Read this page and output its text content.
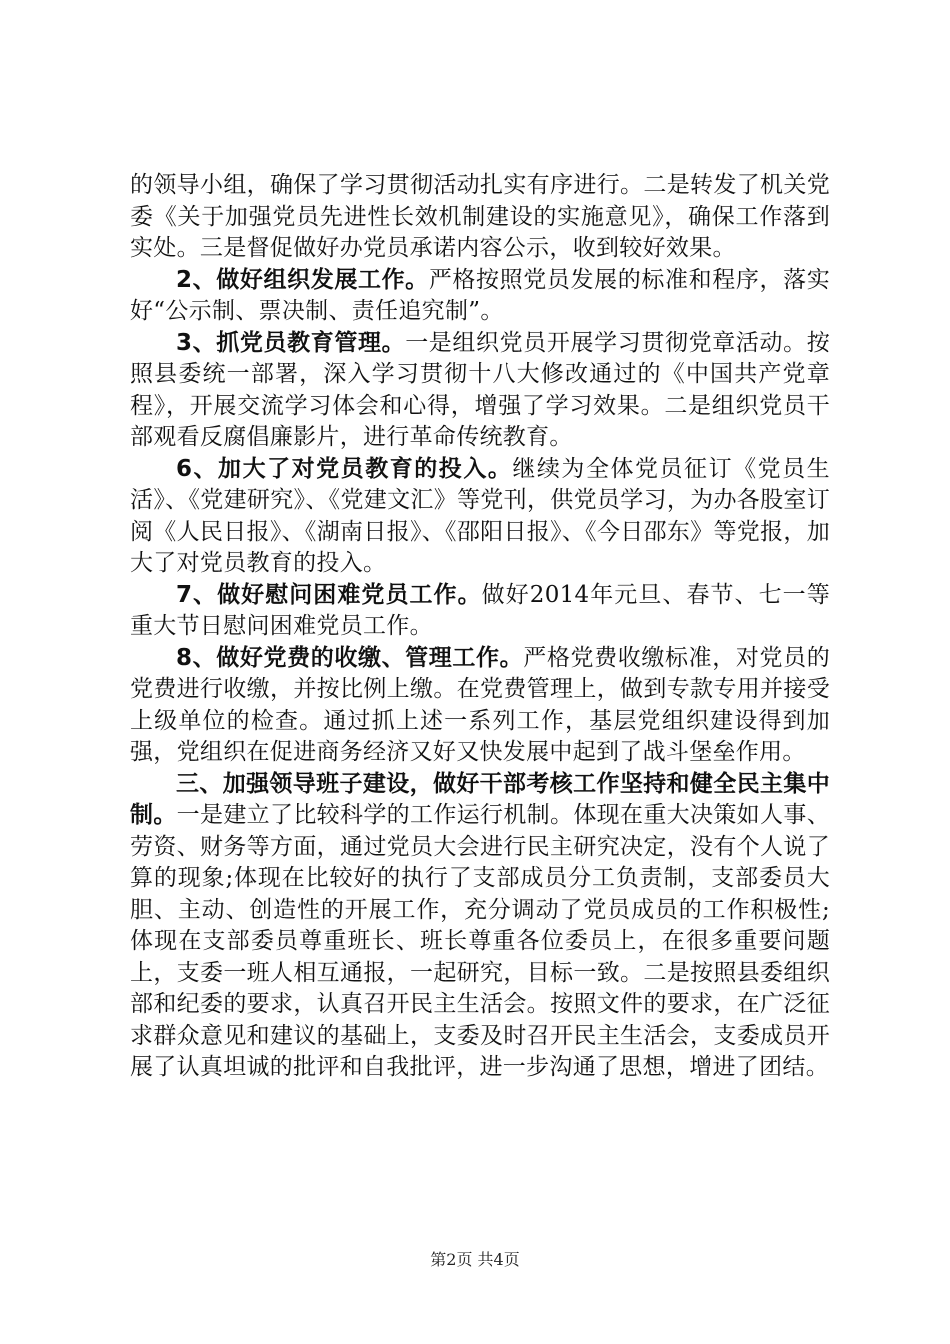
的领导小组，确保了学习贯彻活动扎实有序进行。二是转发了机关党委《关于加强党员先进性长效机制建设的实施意见》，确保工作落到实处。三是督促做好办党员承诺内容公示，收到较好效果。

2、做好组织发展工作。严格按照党员发展的标准和程序，落实好“公示制、票决制、责任追究制”。

3、抓党员教育管理。一是组织党员开展学习贯彻党章活动。按照县委统一部署，深入学习贯彻十八大修改通过的《中国共产党章程》，开展交流学习体会和心得，增强了学习效果。二是组织党员干部观看反腐倡廉影片，进行革命传统教育。

6、加大了对党员教育的投入。继续为全体党员征订《党员生活》、《党建研究》、《党建文汇》等党刊，供党员学习，为办各股室订阅《人民日报》、《湖南日报》、《邵阳日报》、《今日邵东》等党报，加大了对党员教育的投入。

7、做好慰问困难党员工作。做好2014年元旦、春节、七一等重大节日慰问困难党员工作。

8、做好党费的收缴、管理工作。严格党费收缴标准，对党员的党费进行收缴，并按比例上缴。在党费管理上，做到专款专用并接受上级单位的检查。通过抓上述一系列工作，基层党组织建设得到加强，党组织在促进商务经济又好又快发展中起到了战斗堡垒作用。

三、加强领导班子建设，做好干部考核工作坚持和健全民主集中制。一是建立了比较科学的工作运行机制。体现在重大决策如人事、劳资、财务等方面，通过党员大会进行民主研究决定，没有个人说了算的现象;体现在比较好的执行了支部成员分工负责制，支部委员大胆、主动、创造性的开展工作，充分调动了党员成员的工作积极性;体现在支部委员尊重班长、班长尊重各位委员上，在很多重要问题上，支委一班人相互通报，一起研究，目标一致。二是按照县委组织部和纪委的要求，认真召开民主生活会。按照文件的要求，在广泛征求群众意见和建议的基础上，支委及时召开民主生活会，支委成员开展了认真坦诚的批评和自我批评，进一步沟通了思想，增进了团结。

第2页 共4页
